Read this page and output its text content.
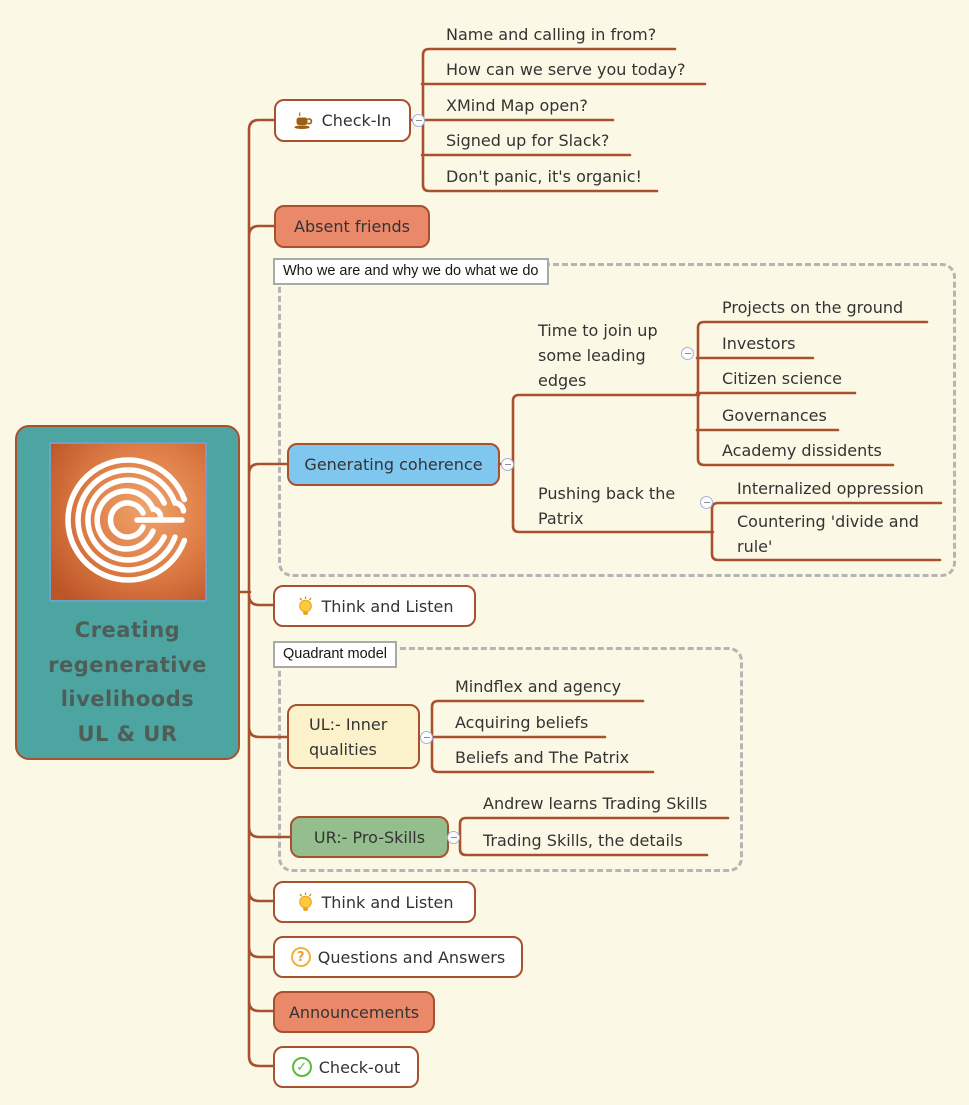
Creating
regenerative
livelihoods
UL & UR
Check-In
Absent friends
Who we are and why we do what we do
Generating coherence
Think and Listen
Quadrant model
UL:- Inner qualities
UR:- Pro-Skills
Think and Listen
? Questions and Answers
Announcements
✓ Check-out
Name and calling in from?
How can we serve you today?
XMind Map open?
Signed up for Slack?
Don't panic, it's organic!
Time to join up some leading edges
Projects on the ground
Investors
Citizen science
Governances
Academy dissidents
Pushing back the Patrix
Internalized oppression
Countering 'divide and rule'
Mindflex and agency
Acquiring beliefs
Beliefs and The Patrix
Andrew learns Trading Skills
Trading Skills, the details
